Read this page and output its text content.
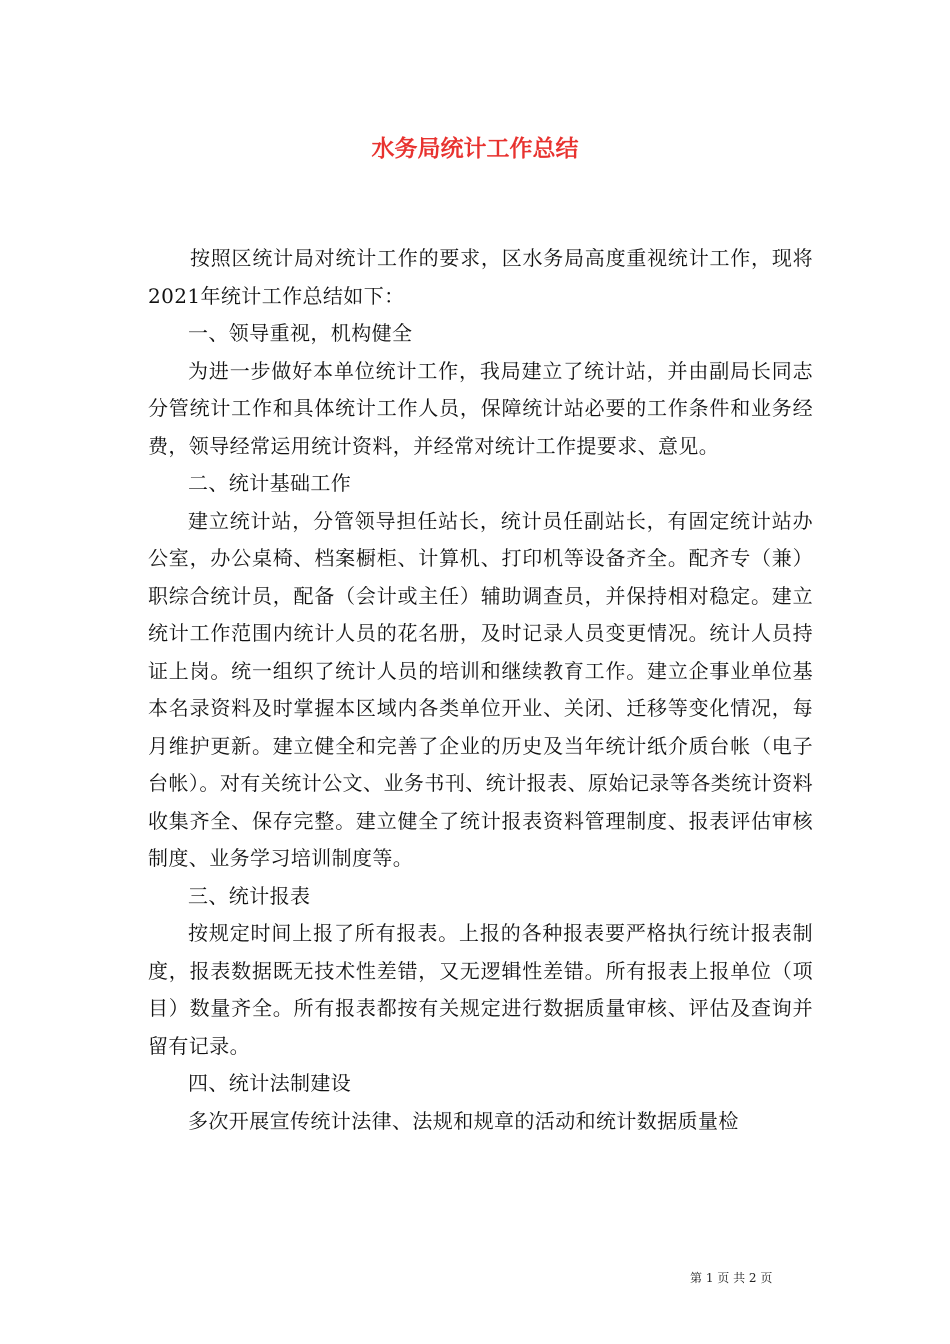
水务局统计工作总结

按照区统计局对统计工作的要求，区水务局高度重视统计工作，现将2021年统计工作总结如下：

一、领导重视，机构健全

为进一步做好本单位统计工作，我局建立了统计站，并由副局长同志分管统计工作和具体统计工作人员，保障统计站必要的工作条件和业务经费，领导经常运用统计资料，并经常对统计工作提要求、意见。

二、统计基础工作

建立统计站，分管领导担任站长，统计员任副站长，有固定统计站办公室，办公桌椅、档案橱柜、计算机、打印机等设备齐全。配齐专（兼）职综合统计员，配备（会计或主任）辅助调查员，并保持相对稳定。建立统计工作范围内统计人员的花名册，及时记录人员变更情况。统计人员持证上岗。统一组织了统计人员的培训和继续教育工作。建立企事业单位基本名录资料及时掌握本区域内各类单位开业、关闭、迁移等变化情况，每月维护更新。建立健全和完善了企业的历史及当年统计纸介质台帐（电子台帐）。对有关统计公文、业务书刊、统计报表、原始记录等各类统计资料收集齐全、保存完整。建立健全了统计报表资料管理制度、报表评估审核制度、业务学习培训制度等。

三、统计报表

按规定时间上报了所有报表。上报的各种报表要严格执行统计报表制度，报表数据既无技术性差错，又无逻辑性差错。所有报表上报单位（项目）数量齐全。所有报表都按有关规定进行数据质量审核、评估及查询并留有记录。

四、统计法制建设

多次开展宣传统计法律、法规和规章的活动和统计数据质量检

第 1 页 共 2 页
